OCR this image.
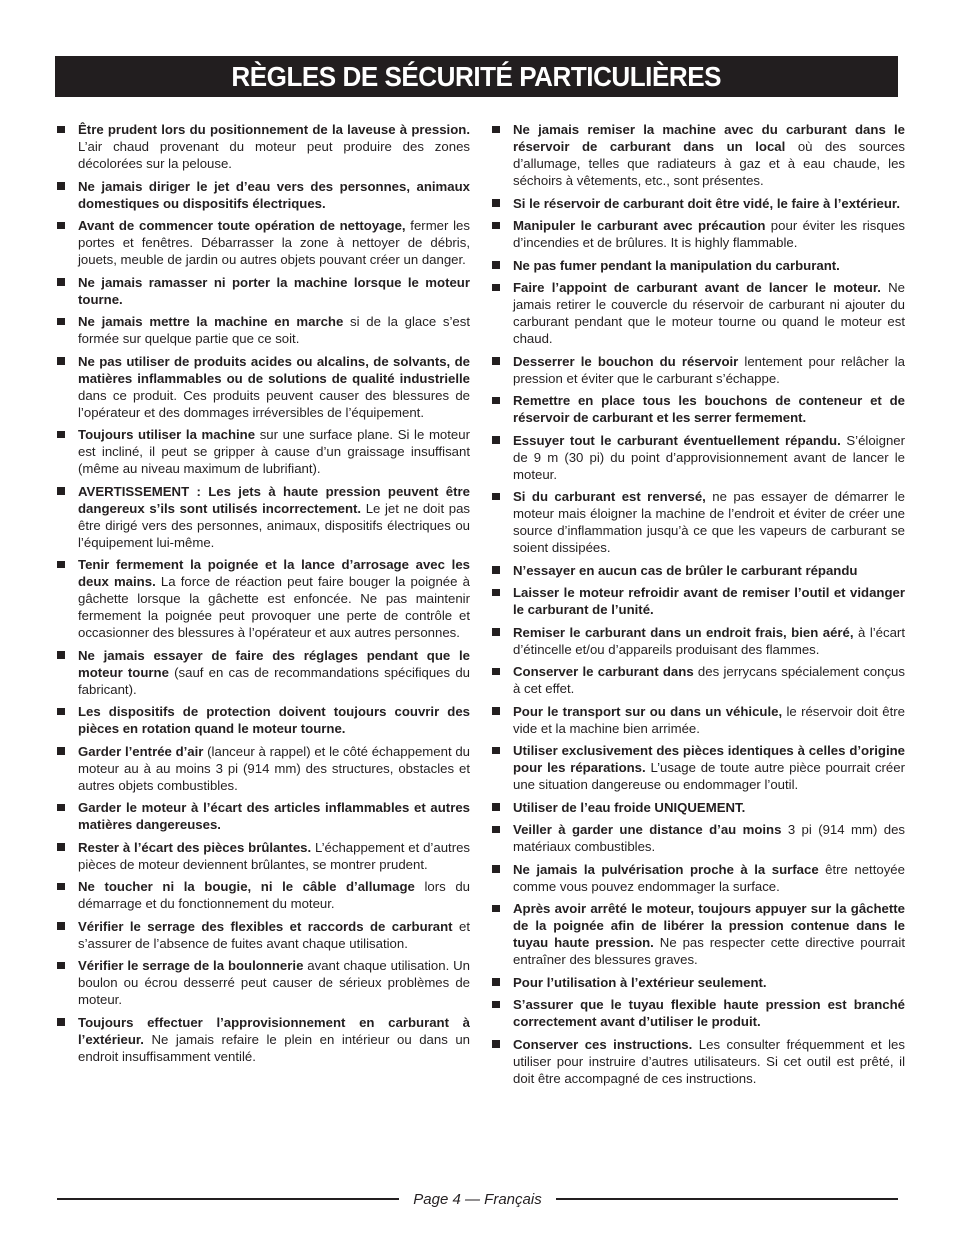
RÈGLES DE SÉCURITÉ PARTICULIÈRES
Être prudent lors du positionnement de la laveuse à pression. L’air chaud provenant du moteur peut produire des zones décolorées sur la pelouse.
Ne jamais diriger le jet d’eau vers des personnes, animaux domestiques ou dispositifs électriques.
Avant de commencer toute opération de nettoyage, fermer les portes et fenêtres. Débarrasser la zone à nettoyer de débris, jouets, meuble de jardin ou autres objets pouvant créer un danger.
Ne jamais ramasser ni porter la machine lorsque le moteur tourne.
Ne jamais mettre la machine en marche si de la glace s’est formée sur quelque partie que ce soit.
Ne pas utiliser de produits acides ou alcalins, de solvants, de matières inflammables ou de solutions de qualité industrielle dans ce produit. Ces produits peuvent causer des blessures de l’opérateur et des dommages irréversibles de l’équipement.
Toujours utiliser la machine sur une surface plane. Si le moteur est incliné, il peut se gripper à cause d’un graissage insuffisant (même au niveau maximum de lubrifiant).
AVERTISSEMENT : Les jets à haute pression peuvent être dangereux s’ils sont utilisés incorrectement. Le jet ne doit pas être dirigé vers des personnes, animaux, dispositifs électriques ou l’équipement lui-même.
Tenir fermement la poignée et la lance d’arrosage avec les deux mains. La force de réaction peut faire bouger la poignée à gâchette lorsque la gâchette est enfoncée. Ne pas maintenir fermement la poignée peut provoquer une perte de contrôle et occasionner des blessures à l’opérateur et aux autres personnes.
Ne jamais essayer de faire des réglages pendant que le moteur tourne (sauf en cas de recommandations spécifiques du fabricant).
Les dispositifs de protection doivent toujours couvrir des pièces en rotation quand le moteur tourne.
Garder l’entrée d’air (lanceur à rappel) et le côté échappement du moteur au à au moins 3 pi (914 mm) des structures, obstacles et autres objets combustibles.
Garder le moteur à l’écart des articles inflammables et autres matières dangereuses.
Rester à l’écart des pièces brûlantes. L’échappement et d’autres pièces de moteur deviennent brûlantes, se montrer prudent.
Ne toucher ni la bougie, ni le câble d’allumage lors du démarrage et du fonctionnement du moteur.
Vérifier le serrage des flexibles et raccords de carburant et s’assurer de l’absence de fuites avant chaque utilisation.
Vérifier le serrage de la boulonnerie avant chaque utilisation. Un boulon ou écrou desserré peut causer de sérieux problèmes de moteur.
Toujours effectuer l’approvisionnement en carburant à l’extérieur. Ne jamais refaire le plein en intérieur ou dans un endroit insuffisamment ventilé.
Ne jamais remiser la machine avec du carburant dans le réservoir de carburant dans un local où des sources d’allumage, telles que radiateurs à gaz et à eau chaude, les séchoirs à vêtements, etc., sont présentes.
Si le réservoir de carburant doit être vidé, le faire à l’extérieur.
Manipuler le carburant avec précaution pour éviter les risques d’incendies et de brûlures. It is highly flammable.
Ne pas fumer pendant la manipulation du carburant.
Faire l’appoint de carburant avant de lancer le moteur. Ne jamais retirer le couvercle du réservoir de carburant ni ajouter du carburant pendant que le moteur tourne ou quand le moteur est chaud.
Desserrer le bouchon du réservoir lentement pour relâcher la pression et éviter que le carburant s’échappe.
Remettre en place tous les bouchons de conteneur et de réservoir de carburant et les serrer fermement.
Essuyer tout le carburant éventuellement répandu. S’éloigner de 9 m (30 pi) du point d’approvisionnement avant de lancer le moteur.
Si du carburant est renversé, ne pas essayer de démarrer le moteur mais éloigner la machine de l’endroit et éviter de créer une source d’inflammation jusqu’à ce que les vapeurs de carburant se soient dissipées.
N’essayer en aucun cas de brûler le carburant répandu
Laisser le moteur refroidir avant de remiser l’outil et vidanger le carburant de l’unité.
Remiser le carburant dans un endroit frais, bien aéré, à l’écart d’étincelle et/ou d’appareils produisant des flammes.
Conserver le carburant dans des jerrycans spécialement conçus à cet effet.
Pour le transport sur ou dans un véhicule, le réservoir doit être vide et la machine bien arrimée.
Utiliser exclusivement des pièces identiques à celles d’origine pour les réparations. L’usage de toute autre pièce pourrait créer une situation dangereuse ou endommager l’outil.
Utiliser de l’eau froide UNIQUEMENT.
Veiller à garder une distance d’au moins 3 pi (914 mm) des matériaux combustibles.
Ne jamais la pulvérisation proche à la surface être nettoyée comme vous pouvez endommager la surface.
Après avoir arrêté le moteur, toujours appuyer sur la gâchette de la poignée afin de libérer la pression contenue dans le tuyau haute pression. Ne pas respecter cette directive pourrait entraîner des blessures graves.
Pour l’utilisation à l’extérieur seulement.
S’assurer que le tuyau flexible haute pression est branché correctement avant d’utiliser le produit.
Conserver ces instructions. Les consulter fréquemment et les utiliser pour instruire d’autres utilisateurs. Si cet outil est prêté, il doit être accompagné de ces instructions.
Page 4 — Français
